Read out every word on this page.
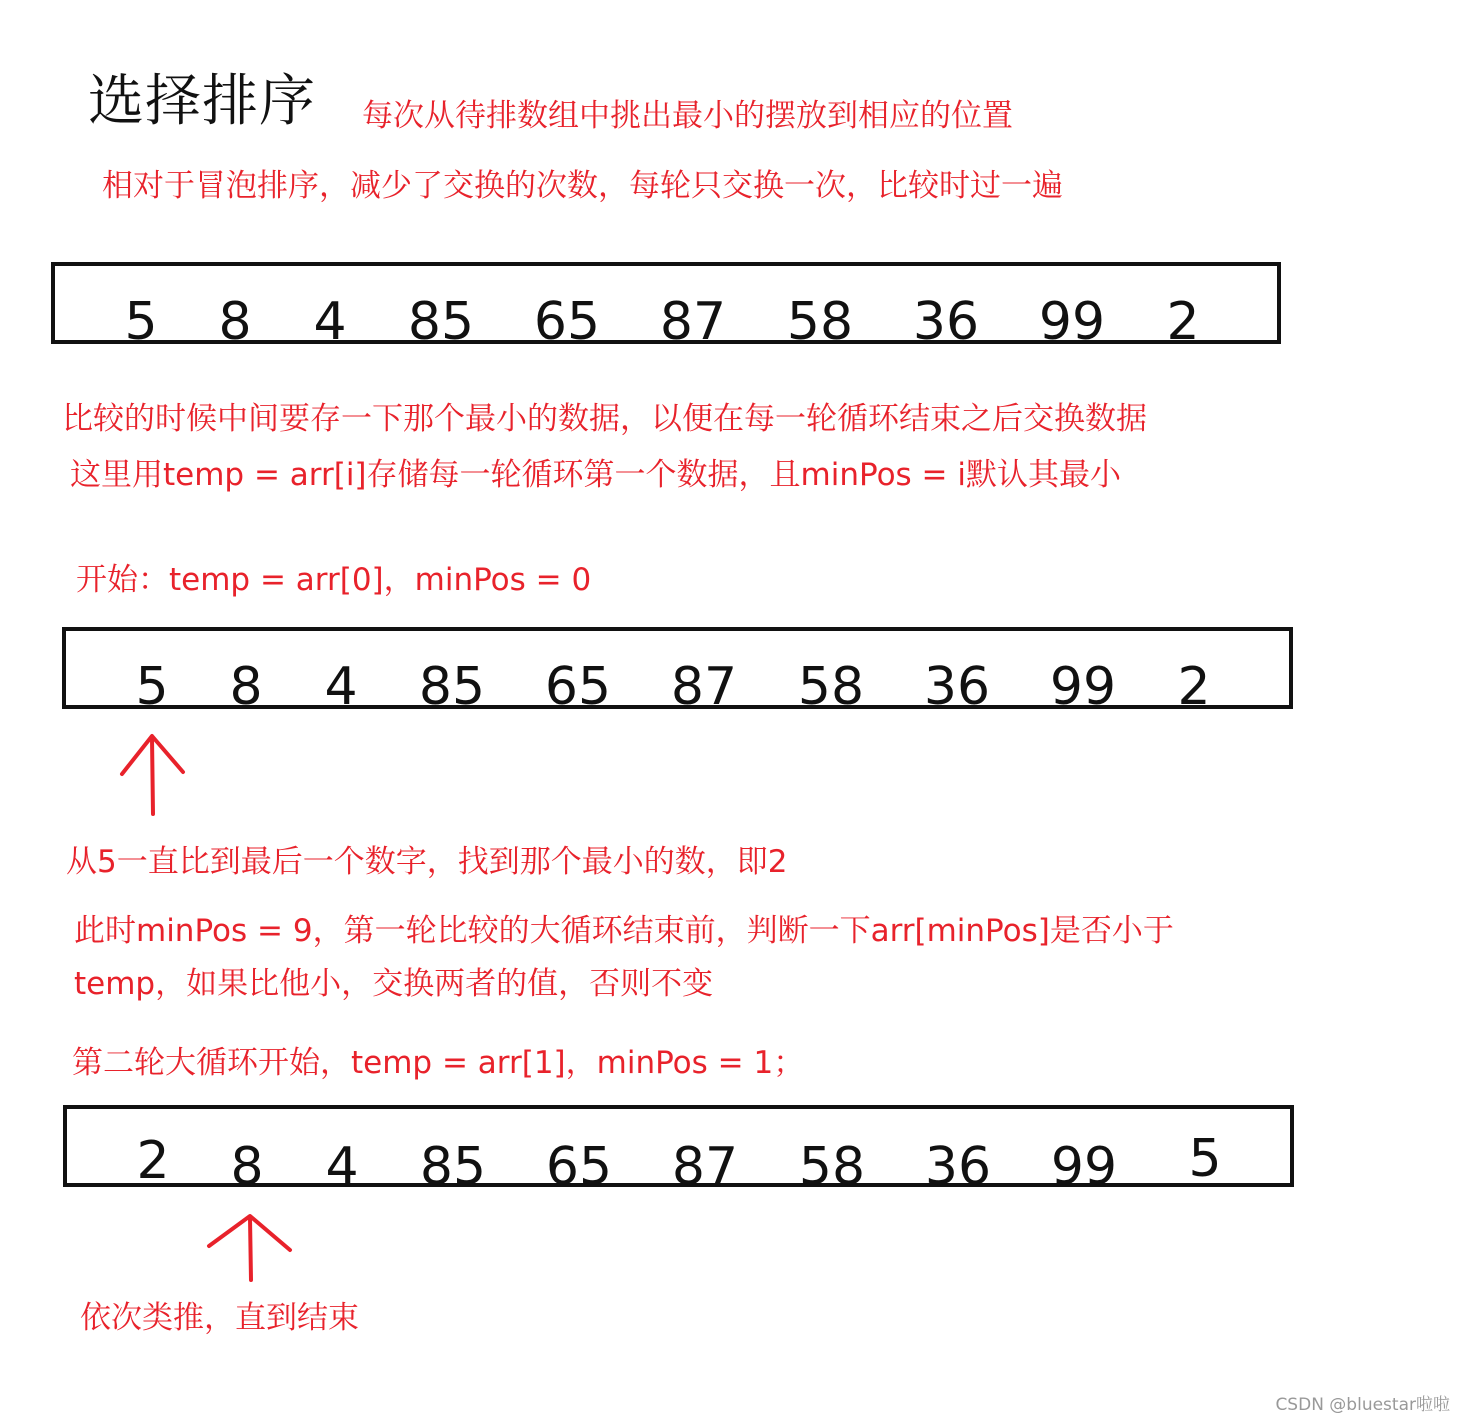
选择排序 每次从待排数组中挑出最小的摆放到相应的位置
相对于冒泡排序，减少了交换的次数，每轮只交换一次，比较时过一遍
5 8 4 85 65 87 58 36 99 2
比较的时候中间要存一下那个最小的数据，以便在每一轮循环结束之后交换数据
这里用temp = arr[i]存储每一轮循环第一个数据，且minPos = i默认其最小
开始：temp = arr[0]，minPos = 0
5 8 4 85 65 87 58 36 99 2
从5一直比到最后一个数字，找到那个最小的数，即2
此时minPos = 9，第一轮比较的大循环结束前，判断一下arr[minPos]是否小于
temp，如果比他小，交换两者的值，否则不变
第二轮大循环开始，temp = arr[1]，minPos = 1；
2 8 4 85 65 87 58 36 99 5
依次类推，直到结束
CSDN @bluestar啦啦
